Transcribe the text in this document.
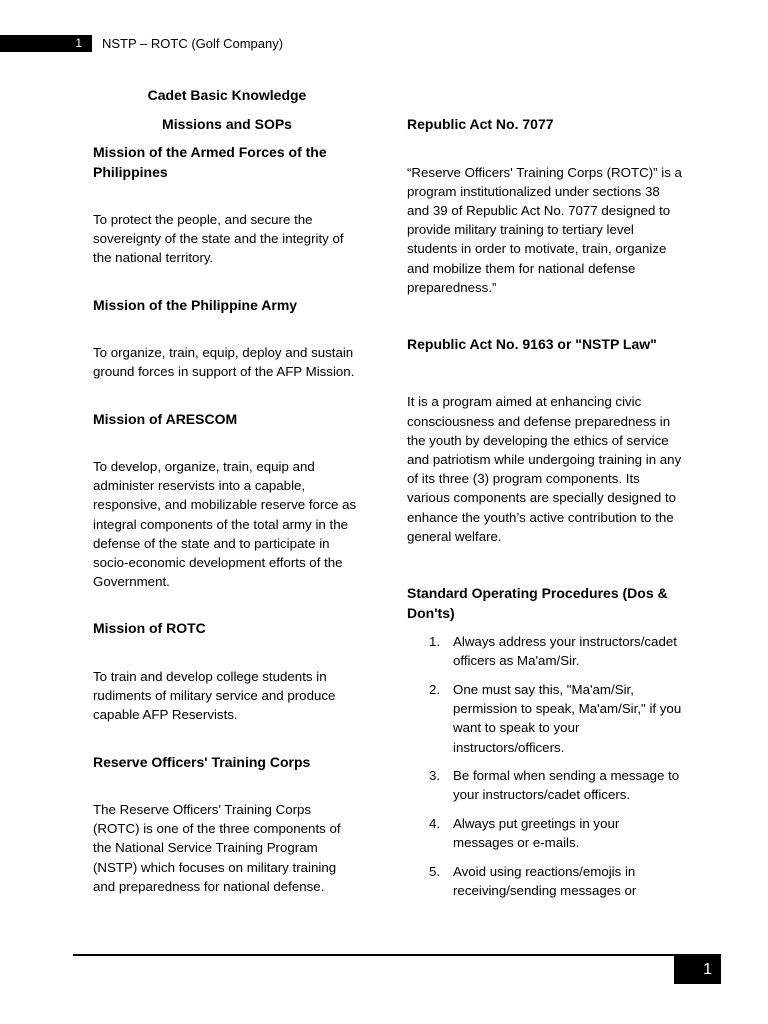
1	NSTP – ROTC (Golf Company)
Cadet Basic Knowledge
Missions and SOPs
Mission of the Armed Forces of the Philippines

To protect the people, and secure the sovereignty of the state and the integrity of the national territory.

Mission of the Philippine Army

To organize, train, equip, deploy and sustain ground forces in support of the AFP Mission.

Mission of ARESCOM

To develop, organize, train, equip and administer reservists into a capable, responsive, and mobilizable reserve force as integral components of the total army in the defense of the state and to participate in socio-economic development efforts of the Government.

Mission of ROTC

To train and develop college students in rudiments of military service and produce capable AFP Reservists.

Reserve Officers' Training Corps

The Reserve Officers' Training Corps (ROTC) is one of the three components of the National Service Training Program (NSTP) which focuses on military training and preparedness for national defense.

Republic Act No. 7077

“Reserve Officers' Training Corps (ROTC)” is a program institutionalized under sections 38 and 39 of Republic Act No. 7077 designed to provide military training to tertiary level students in order to motivate, train, organize and mobilize them for national defense preparedness.”

Republic Act No. 9163 or "NSTP Law"

It is a program aimed at enhancing civic consciousness and defense preparedness in the youth by developing the ethics of service and patriotism while undergoing training in any of its three (3) program components. Its various components are specially designed to enhance the youth’s active contribution to the general welfare.

Standard Operating Procedures (Dos & Don'ts)
1. Always address your instructors/cadet officers as Ma'am/Sir.
2. One must say this, "Ma'am/Sir, permission to speak, Ma'am/Sir," if you want to speak to your instructors/officers.
3. Be formal when sending a message to your instructors/cadet officers.
4. Always put greetings in your messages or e-mails.
5. Avoid using reactions/emojis in receiving/sending messages or
1
